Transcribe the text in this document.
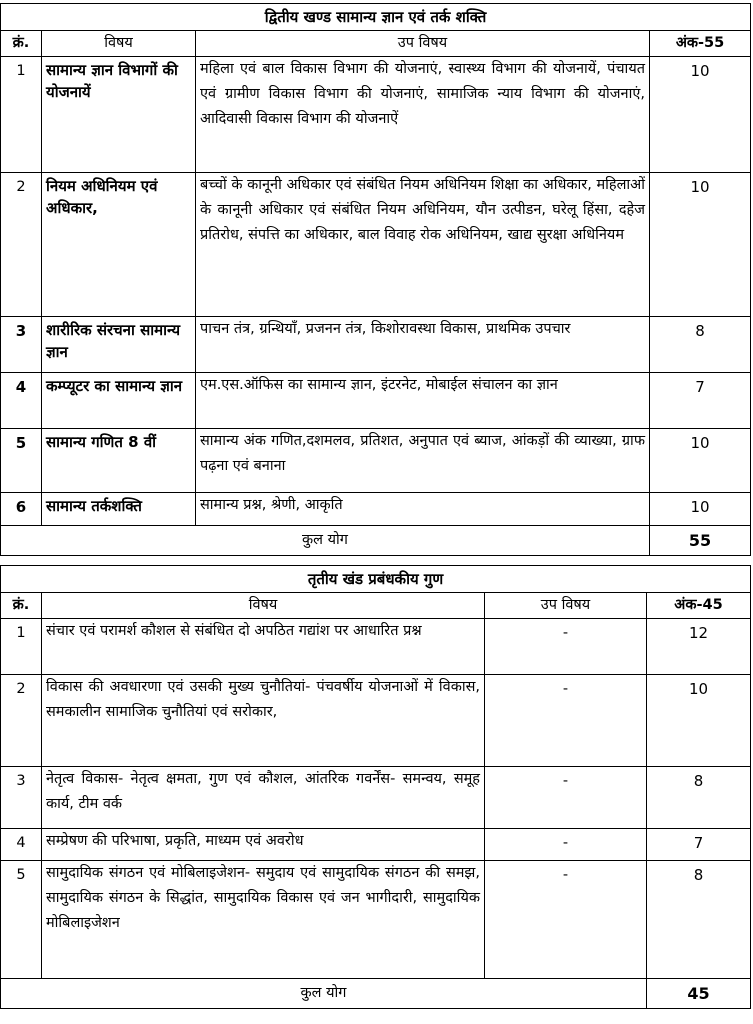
द्वितीय खण्ड सामान्य ज्ञान एवं तर्क शक्ति			
क्रं.	विषय	उप विषय	अंक-55
1	सामान्य ज्ञान विभागों की योजनायें	महिला एवं बाल विकास विभाग की योजनाएं, स्वास्थ्य विभाग की योजनायें, पंचायत एवं ग्रामीण विकास विभाग की योजनाएं, सामाजिक न्याय विभाग की योजनाएं, आदिवासी विकास विभाग की योजनाऐं	10
2	नियम अधिनियम एवं अधिकार,	बच्चों के कानूनी अधिकार एवं संबंधित नियम अधिनियम शिक्षा का अधिकार, महिलाओं के कानूनी अधिकार एवं संबंधित नियम अधिनियम, यौन उत्पीडन, घरेलू हिंसा, दहेज प्रतिरोध, संपत्ति का अधिकार, बाल विवाह रोक अधिनियम, खाद्य सुरक्षा अधिनियम	10
3	शारीरिक संरचना सामान्य ज्ञान	पाचन तंत्र, ग्रन्थियॉं, प्रजनन तंत्र, किशोरावस्था विकास, प्राथमिक उपचार	8
4	कम्प्यूटर का सामान्य ज्ञान	एम.एस.ऑफिस का सामान्य ज्ञान, इंटरनेट, मोबाईल संचालन का ज्ञान	7
5	सामान्य गणित 8 वीं	सामान्य अंक गणित,दशमलव, प्रतिशत, अनुपात एवं ब्याज, आंकड़ों की व्याख्या, ग्राफ पढ़ना एवं बनाना	10
6	सामान्य तर्कशक्ति	सामान्य प्रश्न, श्रेणी, आकृति	10
कुल योग			55
तृतीय खंड प्रबंधकीय गुण			
क्रं.	विषय	उप विषय	अंक-45
1	संचार एवं परामर्श कौशल से संबंधित दो अपठित गद्यांश पर आधारित प्रश्न	-	12
2	विकास की अवधारणा एवं उसकी मुख्य चुनौतियां- पंचवर्षीय योजनाओं में विकास, समकालीन सामाजिक चुनौतियां एवं सरोकार,	-	10
3	नेतृत्व विकास- नेतृत्व क्षमता, गुण एवं कौशल, आंतरिक गवर्नेंस- समन्वय, समूह कार्य, टीम वर्क	-	8
4	सम्प्रेषण की परिभाषा, प्रकृति, माध्यम एवं अवरोध	-	7
5	सामुदायिक संगठन एवं मोबिलाइजेशन- समुदाय एवं सामुदायिक संगठन की समझ, सामुदायिक संगठन के सिद्धांत, सामुदायिक विकास एवं जन भागीदारी, सामुदायिक मोबिलाइजेशन	-	8
कुल योग			45
